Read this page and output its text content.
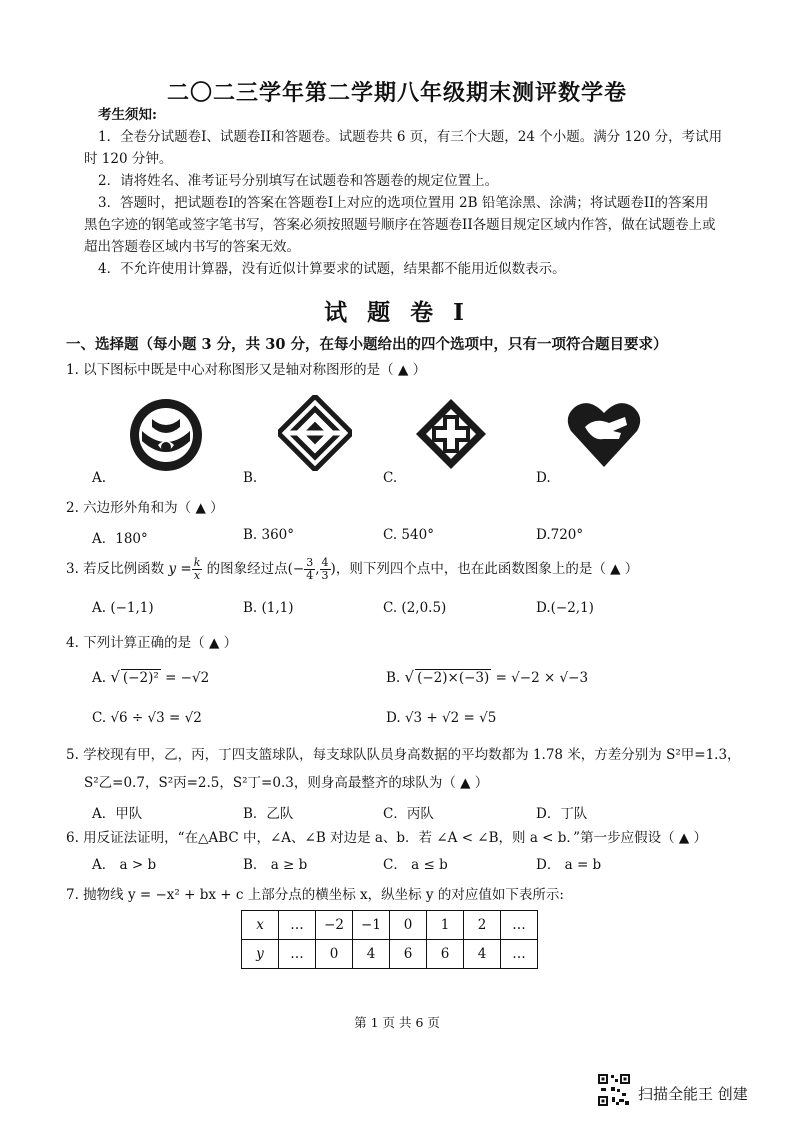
二〇二三学年第二学期八年级期末测评数学卷
考生须知:
1．全卷分试题卷I、试题卷II和答题卷。试题卷共 6 页，有三个大题，24 个小题。满分 120 分，考试用
时 120 分钟。
2．请将姓名、准考证号分别填写在试题卷和答题卷的规定位置上。
3．答题时，把试题卷I的答案在答题卷I上对应的选项位置用 2B 铅笔涂黑、涂满；将试题卷II的答案用
黑色字迹的钢笔或签字笔书写，答案必须按照题号顺序在答题卷II各题目规定区域内作答，做在试题卷上或
超出答题卷区域内书写的答案无效。
4．不允许使用计算器，没有近似计算要求的试题，结果都不能用近似数表示。
试 题 卷 I
一、选择题（每小题 3 分，共 30 分，在每小题给出的四个选项中，只有一项符合题目要求）
1. 以下图标中既是中心对称图形又是轴对称图形的是（ ▲ ）
A.	B.	C.	D.
2. 六边形外角和为（ ▲ ）
A．180°	B. 360°	C. 540°	D.720°
3. 若反比例函数 $y = \frac{k}{x}$ 的图象经过点(− $\frac{3}{4}$ , $\frac{4}{3}$ )，则下列四个点中，也在此函数图象上的是（ ▲ ）
A. (−1,1)	B. (1,1)	C. (2,0.5)	D.(−2,1)
4. 下列计算正确的是（ ▲ ）
A. √ (−2)² = −√2	B. √ (−2)×(−3) = √−2 × √−3
C. √6 ÷ √3 = √2	D. √3 + √2 = √5
5. 学校现有甲，乙，丙，丁四支篮球队，每支球队队员身高数据的平均数都为 1.78 米，方差分别为 S²甲=1.3，
S²乙=0.7，S²丙=2.5，S²丁=0.3，则身高最整齐的球队为（ ▲ ）
A．甲队	B．乙队	C．丙队	D．丁队
6. 用反证法证明，“在△ABC 中，∠A、∠B 对边是 a、b．若 ∠A < ∠B，则 a < b．”第一步应假设（ ▲ ）
A． a > b	B． a ≥ b	C． a ≤ b	D． a = b
7. 抛物线 y = −x² + bx + c 上部分点的横坐标 x，纵坐标 y 的对应值如下表所示:
x	…	−2	−1	0	1	2	…
y	…	0	4	6	6	4	…
第 1 页 共 6 页
扫描全能王 创建
